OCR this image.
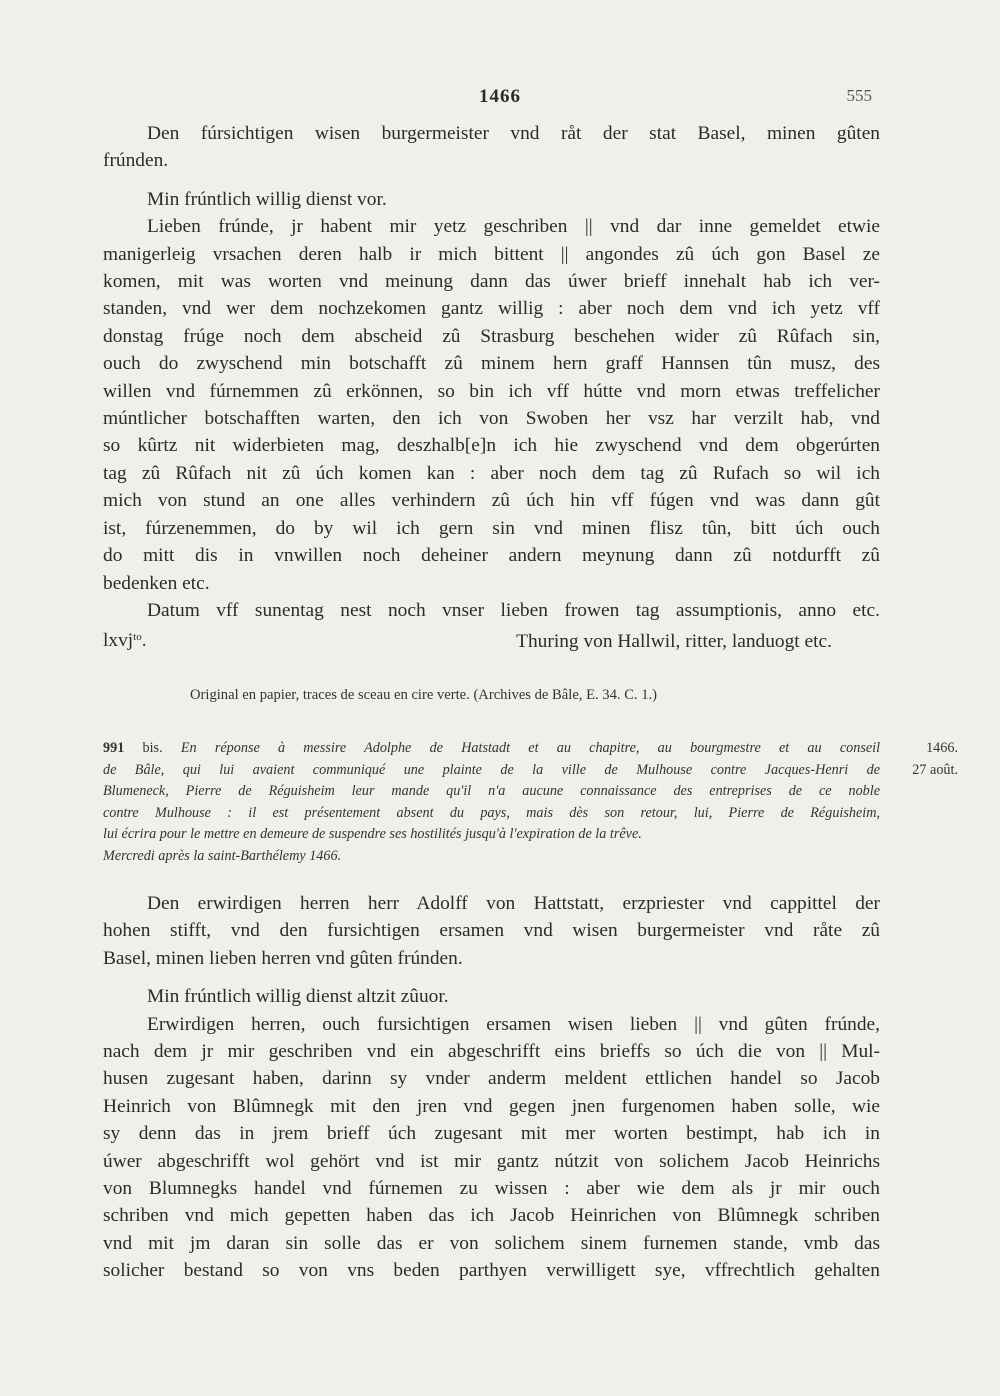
1466	555

Den fúrsichtigen wisen burgermeister vnd råt der stat Basel, minen gûten

frúnden.

Min frúntlich willig dienst vor.

Lieben frúnde, jr habent mir yetz geschriben || vnd dar inne gemeldet etwie

manigerleig vrsachen deren halb ir mich bittent || angondes zû úch gon Basel ze

komen, mit was worten vnd meinung dann das úwer brieff innehalt hab ich ver-

standen, vnd wer dem nochzekomen gantz willig : aber noch dem vnd ich yetz vff

donstag frúge noch dem abscheid zû Strasburg beschehen wider zû Rûfach sin,

ouch do zwyschend min botschafft zû minem hern graff Hannsen tûn musz, des

willen vnd fúrnemmen zû erkönnen, so bin ich vff hútte vnd morn etwas treffelicher

múntlicher botschafften warten, den ich von Swoben her vsz har verzilt hab, vnd

so kûrtz nit widerbieten mag, deszhalb[e]n ich hie zwyschend vnd dem obgerúrten

tag zû Rûfach nit zû úch komen kan : aber noch dem tag zû Rufach so wil ich

mich von stund an one alles verhindern zû úch hin vff fúgen vnd was dann gût

ist, fúrzenemmen, do by wil ich gern sin vnd minen flisz tûn, bitt úch ouch

do mitt dis in vnwillen noch deheiner andern meynung dann zû notdurfft zû

bedenken etc.

Datum vff sunentag nest noch vnser lieben frowen tag assumptionis, anno etc.

lxvj$^{to}$.	Thuring von Hallwil, ritter, landuogt etc.

Original en papier, traces de sceau en cire verte. (Archives de Bâle, E. 34. C. 1.)
991 bis. En réponse à messire Adolphe de Hatstadt et au chapitre, au bourgmestre et au conseil
de Bâle, qui lui avaient communiqué une plainte de la ville de Mulhouse contre Jacques-Henri de
Blumeneck, Pierre de Réguisheim leur mande qu'il n'a aucune connaissance des entreprises de ce noble
contre Mulhouse : il est présentement absent du pays, mais dès son retour, lui, Pierre de Réguisheim,
lui écrira pour le mettre en demeure de suspendre ses hostilités jusqu'à l'expiration de la trêve.
Mercredi après la saint-Barthélemy 1466.
1466.
27 août.

Den erwirdigen herren herr Adolff von Hattstatt, erzpriester vnd cappittel der

hohen stifft, vnd den fursichtigen ersamen vnd wisen burgermeister vnd råte zû

Basel, minen lieben herren vnd gûten frúnden.

Min frúntlich willig dienst altzit zûuor.

Erwirdigen herren, ouch fursichtigen ersamen wisen lieben || vnd gûten frúnde,

nach dem jr mir geschriben vnd ein abgeschrifft eins brieffs so úch die von || Mul-

husen zugesant haben, darinn sy vnder anderm meldent ettlichen handel so Jacob

Heinrich von Blûmnegk mit den jren vnd gegen jnen furgenomen haben solle, wie

sy denn das in jrem brieff úch zugesant mit mer worten bestimpt, hab ich in

úwer abgeschrifft wol gehört vnd ist mir gantz nútzit von solichem Jacob Heinrichs

von Blumnegks handel vnd fúrnemen zu wissen : aber wie dem als jr mir ouch

schriben vnd mich gepetten haben das ich Jacob Heinrichen von Blûmnegk schriben

vnd mit jm daran sin solle das er von solichem sinem furnemen stande, vmb das

solicher bestand so von vns beden parthyen verwilligett sye, vffrechtlich gehalten
